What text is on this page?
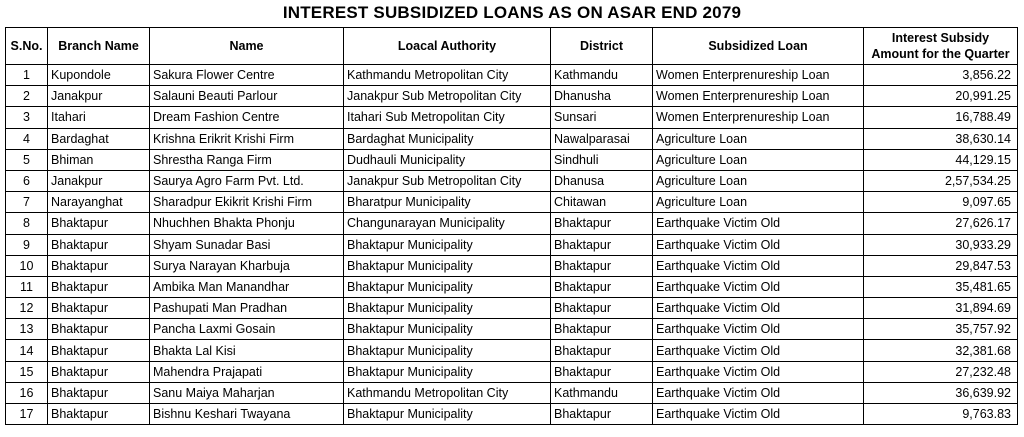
INTEREST SUBSIDIZED LOANS AS ON ASAR END 2079
S.No.	Branch Name	Name	Loacal Authority	District	Subsidized Loan	Interest Subsidy Amount for the Quarter
1	Kupondole	Sakura Flower Centre	Kathmandu Metropolitan City	Kathmandu	Women Enterprenureship Loan	3,856.22
2	Janakpur	Salauni Beauti Parlour	Janakpur Sub Metropolitan City	Dhanusha	Women Enterprenureship Loan	20,991.25
3	Itahari	Dream Fashion Centre	Itahari Sub Metropolitan City	Sunsari	Women Enterprenureship Loan	16,788.49
4	Bardaghat	Krishna Erikrit Krishi Firm	Bardaghat Municipality	Nawalparasai	Agriculture Loan	38,630.14
5	Bhiman	Shrestha Ranga Firm	Dudhauli Municipality	Sindhuli	Agriculture Loan	44,129.15
6	Janakpur	Saurya Agro Farm Pvt. Ltd.	Janakpur Sub Metropolitan City	Dhanusa	Agriculture Loan	2,57,534.25
7	Narayanghat	Sharadpur Ekikrit Krishi Firm	Bharatpur Municipality	Chitawan	Agriculture Loan	9,097.65
8	Bhaktapur	Nhuchhen Bhakta Phonju	Changunarayan Municipality	Bhaktapur	Earthquake Victim Old	27,626.17
9	Bhaktapur	Shyam Sunadar Basi	Bhaktapur Municipality	Bhaktapur	Earthquake Victim Old	30,933.29
10	Bhaktapur	Surya Narayan Kharbuja	Bhaktapur Municipality	Bhaktapur	Earthquake Victim Old	29,847.53
11	Bhaktapur	Ambika Man Manandhar	Bhaktapur Municipality	Bhaktapur	Earthquake Victim Old	35,481.65
12	Bhaktapur	Pashupati Man Pradhan	Bhaktapur Municipality	Bhaktapur	Earthquake Victim Old	31,894.69
13	Bhaktapur	Pancha Laxmi Gosain	Bhaktapur Municipality	Bhaktapur	Earthquake Victim Old	35,757.92
14	Bhaktapur	Bhakta Lal Kisi	Bhaktapur Municipality	Bhaktapur	Earthquake Victim Old	32,381.68
15	Bhaktapur	Mahendra Prajapati	Bhaktapur Municipality	Bhaktapur	Earthquake Victim Old	27,232.48
16	Bhaktapur	Sanu Maiya Maharjan	Kathmandu Metropolitan City	Kathmandu	Earthquake Victim Old	36,639.92
17	Bhaktapur	Bishnu Keshari Twayana	Bhaktapur Municipality	Bhaktapur	Earthquake Victim Old	9,763.83
